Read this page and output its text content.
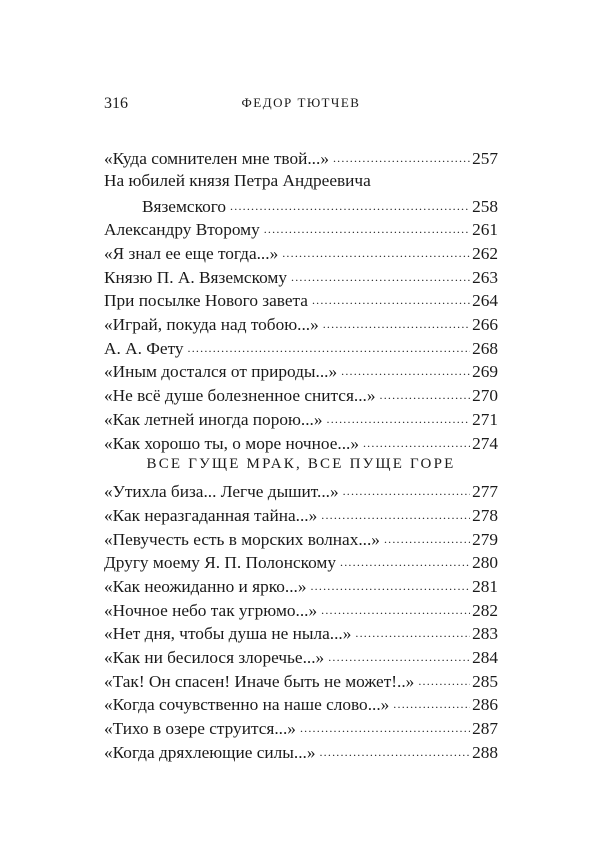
316	ФЕДОР ТЮТЧЕВ
«Куда сомнителен мне твой...» . . .	257
На юбилей князя Петра Андреевича
Вяземского . . .	258
Александру Второму . . .	261
«Я знал ее еще тогда...» . . .	262
Князю П. А. Вяземскому . . .	263
При посылке Нового завета . . .	264
«Играй, покуда над тобою...» . . .	266
А. А. Фету . . .	268
«Иным достался от природы...» . . .	269
«Не всё душе болезненное снится...» . . .	270
«Как летней иногда порою...» . . .	271
«Как хорошо ты, о море ночное...» . . .	274
ВСЕ ГУЩЕ МРАК, ВСЕ ПУЩЕ ГОРЕ
«Утихла биза... Легче дышит...» . . .	277
«Как неразгаданная тайна...» . . .	278
«Певучесть есть в морских волнах...» . . .	279
Другу моему Я. П. Полонскому . . .	280
«Как неожиданно и ярко...» . . .	281
«Ночное небо так угрюмо...» . . .	282
«Нет дня, чтобы душа не ныла...» . . .	283
«Как ни бесилося злоречье...» . . .	284
«Так! Он спасен! Иначе быть не может!..» . . .	285
«Когда сочувственно на наше слово...» . . .	286
«Тихо в озере струится...» . . .	287
«Когда дряхлеющие силы...» . . .	288
